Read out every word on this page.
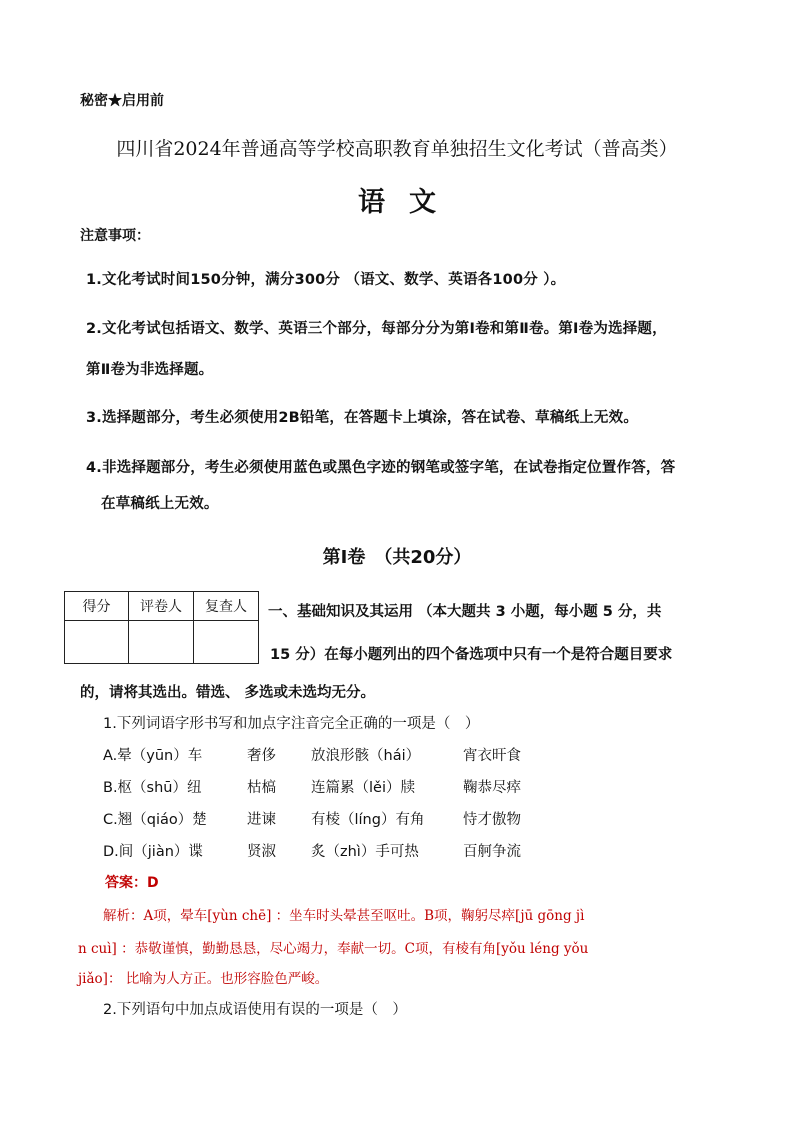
秘密★启用前
四川省2024年普通高等学校高职教育单独招生文化考试（普高类）
语文
注意事项：
1.文化考试时间150分钟，满分300分 （语文、数学、英语各100分 ）。
2.文化考试包括语文、数学、英语三个部分，每部分分为第Ⅰ卷和第Ⅱ卷。第Ⅰ卷为选择题，
第Ⅱ卷为非选择题。
3.选择题部分，考生必须使用2B铅笔，在答题卡上填涂，答在试卷、草稿纸上无效。
4.非选择题部分，考生必须使用蓝色或黑色字迹的钢笔或签字笔，在试卷指定位置作答，答
在草稿纸上无效。
第Ⅰ卷　（共20分）
得分	评卷人	复查人
		一、基础知识及其运用 （本大题共 3 小题，每小题 5 分，共
15 分）在每小题列出的四个备选项中只有一个是符合题目要求
的，请将其选出。错选、 多选或未选均无分。
1.下列词语字形书写和加点字注音完全正确的一项是（　）
A.晕（yūn）车	奢侈 放浪形骸（hái）	宵衣旰食
B.枢（shū）纽	枯槁 连篇累（lěi）牍	鞠恭尽瘁
C.翘（qiáo）楚	进谏 有棱（líng）有角	恃才傲物
D.间（jiàn）谍	贤淑 炙（zhì）手可热	百舸争流
答案：D
解析：A项，晕车[yùn chē] ：坐车时头晕甚至呕吐。B项，鞠躬尽瘁[jū gōng jì
n cuì] ：恭敬谨慎，勤勤恳恳，尽心竭力，奉献一切。C项，有棱有角[yǒu léng yǒu
jiǎo]： 比喻为人方正。也形容脸色严峻。
2.下列语句中加点成语使用有误的一项是（　）
